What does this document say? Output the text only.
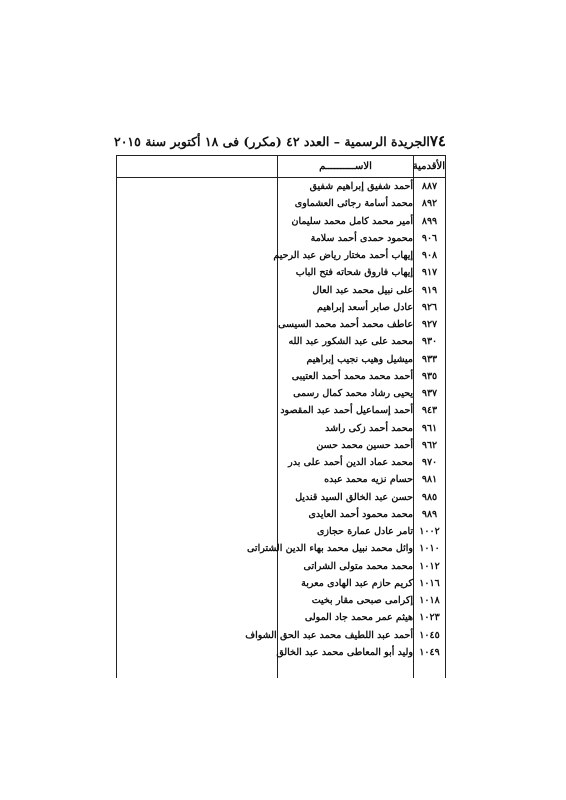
٧٤
الجريدة الرسمية – العدد ٤٢ (مكرر) فى ١٨ أكتوبر سنة ٢٠١٥
الأقدمية	الاســــــــــم	
٨٨٧	أحمد شفيق إبراهيم شفيق	
٨٩٢	محمد أسامة رجائى العشماوى	
٨٩٩	أمير محمد كامل محمد سليمان	
٩٠٦	محمود حمدى أحمد سلامة	
٩٠٨	إيهاب أحمد مختار رياض عبد الرحيم	
٩١٧	إيهاب فاروق شحاته فتح الباب	
٩١٩	على نبيل محمد عبد العال	
٩٢٦	عادل صابر أسعد إبراهيم	
٩٢٧	عاطف محمد أحمد محمد السيسى	
٩٣٠	محمد على عبد الشكور عبد الله	
٩٣٣	ميشيل وهيب نجيب إبراهيم	
٩٣٥	أحمد محمد محمد أحمد العتيبى	
٩٣٧	يحيى رشاد محمد كمال رسمى	
٩٤٣	أحمد إسماعيل أحمد عبد المقصود	
٩٦١	محمد أحمد زكى راشد	
٩٦٢	أحمد حسين محمد حسن	
٩٧٠	محمد عماد الدين أحمد على بدر	
٩٨١	حسام نزيه محمد عبده	
٩٨٥	حسن عبد الخالق السيد قنديل	
٩٨٩	محمد محمود أحمد العايدى	
١٠٠٢	تامر عادل عمارة حجازى	
١٠١٠	وائل محمد نبيل محمد بهاء الدين الشتراتى	
١٠١٢	محمد محمد متولى الشراتى	
١٠١٦	كريم حازم عبد الهادى معربة	
١٠١٨	إكرامى صبحى مقار بخيت	
١٠٢٣	هيثم عمر محمد جاد المولى	
١٠٤٥	أحمد عبد اللطيف محمد عبد الحق الشواف	
١٠٤٩	وليد أبو المعاطى محمد عبد الخالق	
